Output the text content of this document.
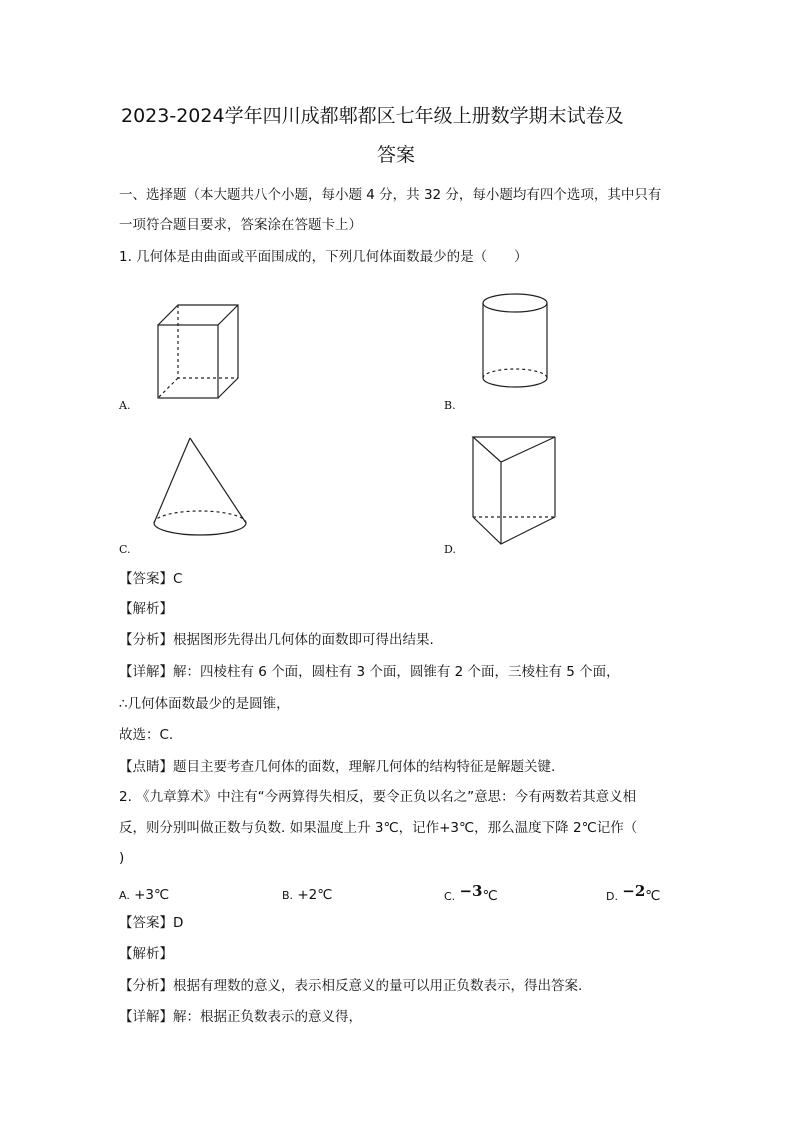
2023-2024学年四川成都郫都区七年级上册数学期末试卷及
答案
一、选择题（本大题共八个小题，每小题 4 分，共 32 分，每小题均有四个选项，其中只有
一项符合题目要求，答案涂在答题卡上）
1. 几何体是由曲面或平面围成的，下列几何体面数最少的是（　　）
A.	B.
C.	D.
【答案】C
【解析】
【分析】根据图形先得出几何体的面数即可得出结果.
【详解】解：四棱柱有 6 个面，圆柱有 3 个面，圆锥有 2 个面，三棱柱有 5 个面，
∴几何体面数最少的是圆锥，
故选：C.
【点睛】题目主要考查几何体的面数，理解几何体的结构特征是解题关键.
2. 《九章算术》中注有“今两算得失相反，要令正负以名之”意思：今有两数若其意义相
反，则分别叫做正数与负数. 如果温度上升 3℃，记作+3℃，那么温度下降 2℃记作（
)
A. +3℃	B. +2℃	C. −3℃	D. −2℃
【答案】D
【解析】
【分析】根据有理数的意义，表示相反意义的量可以用正负数表示，得出答案.
【详解】解：根据正负数表示的意义得，
